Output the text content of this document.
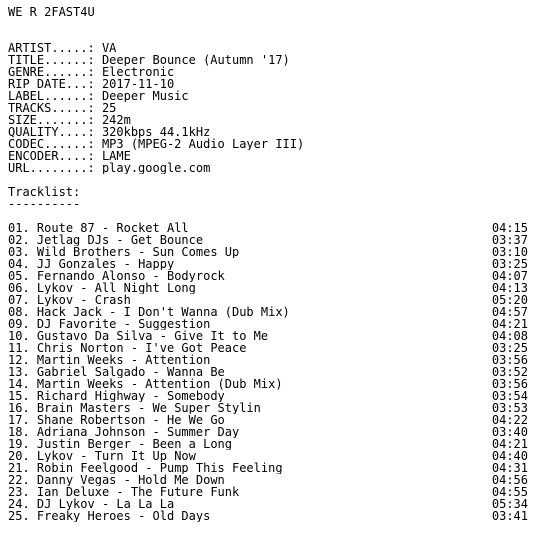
WE R 2FAST4U
ARTIST.....: VA
TITLE......: Deeper Bounce (Autumn '17)
GENRE......: Electronic
RIP DATE...: 2017-11-10
LABEL......: Deeper Music
TRACKS.....: 25
SIZE.......: 242m
QUALITY....: 320kbps 44.1kHz
CODEC......: MP3 (MPEG-2 Audio Layer III)
ENCODER....: LAME
URL........: play.google.com
Tracklist:
----------
01. Route 87 - Rocket All	04:15
02. Jetlag DJs - Get Bounce	03:37
03. Wild Brothers - Sun Comes Up	03:10
04. JJ Gonzales - Happy	03:25
05. Fernando Alonso - Bodyrock	04:07
06. Lykov - All Night Long	04:13
07. Lykov - Crash	05:20
08. Hack Jack - I Don't Wanna (Dub Mix)	04:57
09. DJ Favorite - Suggestion	04:21
10. Gustavo Da Silva - Give It to Me	04:08
11. Chris Norton - I've Got Peace	03:25
12. Martin Weeks - Attention	03:56
13. Gabriel Salgado - Wanna Be	03:52
14. Martin Weeks - Attention (Dub Mix)	03:56
15. Richard Highway - Somebody	03:54
16. Brain Masters - We Super Stylin	03:53
17. Shane Robertson - He We Go	04:22
18. Adriana Johnson - Summer Day	03:40
19. Justin Berger - Been a Long	04:21
20. Lykov - Turn It Up Now	04:40
21. Robin Feelgood - Pump This Feeling	04:31
22. Danny Vegas - Hold Me Down	04:56
23. Ian Deluxe - The Future Funk	04:55
24. DJ Lykov - La La La	05:34
25. Freaky Heroes - Old Days	03:41
